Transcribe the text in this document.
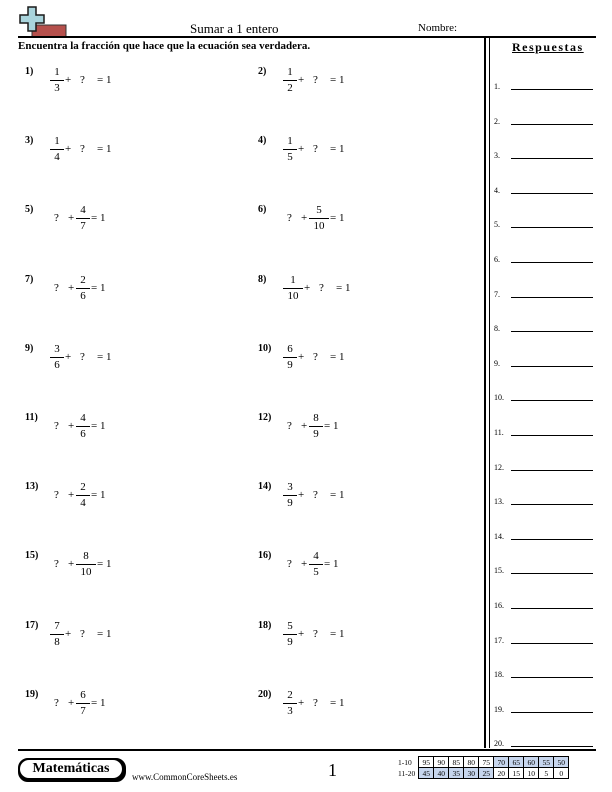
Sumar a 1 entero	Nombre:
Encuentra la fracción que hace que la ecuación sea verdadera.	Respuestas
1)	1
3
+ ? = 1
2)	1
2
+ ? = 1
3)	1
4
+ ? = 1
4)	1
5
+ ? = 1
5)
? +
4
7
= 1
6)
? +
5
10
= 1
7)
? +
2
6
= 1
8)	1
10
+ ? = 1
9)	3
6
+ ? = 1
10)	6
9
+ ? = 1
11)
? +
4
6
= 1
12)
? +
8
9
= 1
13)
? +
2
4
= 1
14)	3
9
+ ? = 1
15)
? +
8
10
= 1
16)
? +
4
5
= 1
17)	7
8
+ ? = 1
18)	5
9
+ ? = 1
19)
? +
6
7
= 1
20)	2
3
+ ? = 1
1.
2.
3.
4.
5.
6.
7.
8.
9.
10.
11.
12.
13.
14.
15.
16.
17.
18.
19.
20.
Matemáticas
www.CommonCoreSheets.es	1	1-10	95	90	85	80	75	70	65	60	55	50
11-20	45	40	35	30	25	20	15	10	5	0
